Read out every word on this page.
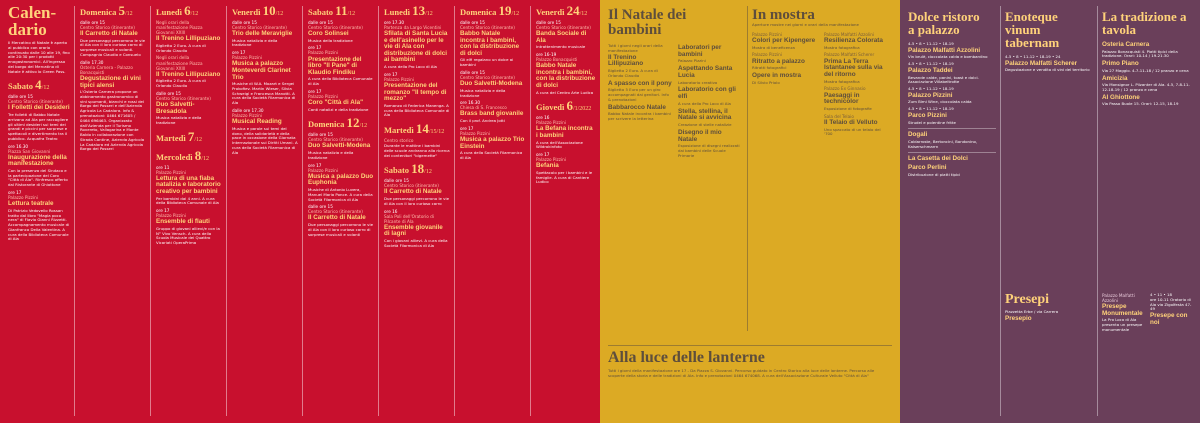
Calen-
dario
Il Mercatino di Natale è aperto al pubblico con orario continuato dalle 10 alle 19, fino alle 20:30 per i prodotti enogastronomici. All'ingresso del borgo del Mercatino di Natale è attivo lo Green Pass.
Sabato 4/12
dalle ore 15
Centro Storico (itinerante)
I Folletti dei Desideri
Tre folletti di Babbo Natale arrivano ad Ala per raccogliere gli ultimi desideri sui temi dei grandi e piccini per sorprese e spettacoli e divertimento tra il pubblico. Acquafra Teatro
ore 16.30
Piazza San Giovanni
Inaugurazione della manifestazione
Con la presenza del Sindaco e la partecipazione del Coro "Città di Ala". Rinfresco offerto dal Ristorante di Ghiottone
ore 17
Palazzo Pizzini
Lettura teatrale
Di Patrizio Vedovello Rossan tratto dal libro "Magia poco nera" di Flavio Gianni Rizzetti. Accompagnamento musicale di Gianfranco Della Valentina. A cura della Biblioteca Comunale di Ala
Domenica 5/12
dalle ore 15
Centro Storico (itinerante)
Il Carretto di Natale
Due personaggi percorrono le vie di Ala con il loro curioso carro di sorprese musicali e volanti. Compagnia Claudio e Consuelo
dalle 17.30
Osteria Carnera - Palazzo Bonacquisti
Degustazione di vini tipici alensi
L'Osteria Carnera propone un abbinamento gastronomico di vini spumanti, bianchi e rossi del Borgo dei Posseri e dell'Azienda Agricola La Cadalora. Info & prenotazioni: 0464 671605 / 0464 696463. Organizzato dall'Azienda per il Turismo Rovereto, Vallagarina e Monte Baldo in collaborazione con Strada Cantine, Azienda Agricola La Cadalora ed Azienda Agricola Borgo dei Posseri
Lunedì 6/12
Negli orari della manifestazione Piazza Giovanni XXIII
Il Trenino Lillipuziano
Biglietto 2 Euro. A cura di Orlando Claudio
Negli orari della manifestazione Piazza Giovanni XXIII
Il Trenino Lillipuziano
Biglietto 2 Euro. A cura di Orlando Claudio
dalle ore 15
Centro Storico (itinerante)
Duo Salvetti-Bresadola
Musica natalizia e della tradizione
Martedì 7/12
Mercoledì 8/12
ore 11
Palazzo Pizzini
Lettura di una fiaba natalizia e laboratorio creativo per bambini
Per bambini dai 4 anni. A cura della Biblioteca Comunale di Ala
ore 17
Palazzo Pizzini
Ensemble di flauti
Gruppo di giovani allievi/e con la N° Vivo Vensch. A cura della Scuola Musicale dei Quattro Vicariati OperaPrima
Venerdì 10/12
dalle ore 15
Centro Storico (itinerante)
Trio delle Meraviglie
Musica natalizia e della tradizione
ore 17
Palazzo Pizzini
Musica a palazzo Monteverdi Clarinet Trio
Musiche di W.A. Mozart e Sergei Prokofiev. Martin Wieser, Silvia Schweigl e Francesca Manotti. A cura della Società Filarmonica di Ala
dalle ore 17.30
Palazzo Pizzini
Musical Reading
Musica e parole sui temi del dono, della solidarietà e della pace in occasione della Giornata Internazionale sui Diritti Umani. A cura della Società Filarmonica di Ala
Sabato 11/12
dalle ore 15
Centro Storico (itinerante)
Coro Solinsei
Musica della tradizione
ore 17
Palazzo Pizzini
Presentazione del libro "Il Pane" di Klaudio Findiku
A cura della Biblioteca Comunale di Ala
ore 17
Palazzo Pizzini
Coro "Città di Ala"
Canti natalizi e della tradizione
Domenica 12/12
dalle ore 15
Centro Storico (itinerante)
Duo Salvetti-Modena
Musica natalizia e della tradizione
ore 17
Palazzo Pizzini
Musica a palazzo Duo Euphonia
Musiche di Antonio Luvera, Manuel Maria Ponce. A cura della Società Filarmonica di Ala
dalle ore 15
Centro Storico (itinerante)
Il Carretto di Natale
Due personaggi percorrono le vie di Ala con il loro curioso carro di sorprese musicali e volanti
Lunedì 13/12
ore 17.30
Partenza da Largo Vicentini
Sfilata di Santa Lucia e dell'asinello per le vie di Ala con distribuzione di dolci ai bambini
A cura della Pro Loco di Ala
ore 17
Palazzo Pizzini
Presentazione del romanzo "Il tempo di mezzo"
Romanzo di Federica Manenga. A cura della Biblioteca Comunale di Ala
Martedì 14/15/12
Centro storico
Durante le mattine i bambini delle scuole andranno alla ricerca dei contenitori "bigemette"
Sabato 18/12
dalle ore 15
Centro Storico (itinerante)
Il Carretto di Natale
Due personaggi percorrono le vie di Ala con il loro curioso carro
ore 16
Sala Poli dell'Oratorio di Pilcante di Ala
Ensemble giovanile di lagni
Con i giovani allievi. A cura della Società Filarmonica di Ala
Domenica 19/12
dalle ore 15
Centro Storico (itinerante)
Babbo Natale incontra i bambini, con la distribuzione di dolci
Gli elfi regalano un dolce ai bambini
dalle ore 15
Centro Storico (itinerante)
Duo Salvetti-Modena
Musica natalizia e della tradizione
ore 16.30
Chiesa di S. Francesco
Brass band giovanile
Con il prof. Andrea Jotti
ore 17
Palazzo Pizzini
Musica a palazzo Trio Einstein
A cura della Società Filarmonica di Ala
Venerdì 24/12
dalle ore 15
Centro Storico (itinerante)
Banda Sociale di Ala
Intrattenimento musicale
ore 16-19
Palazzo Bonacquisti
Babbo Natale incontra i bambini, con la distribuzione di dolci
A cura del Centro Arte Ludica
Giovedì 6/1/2022
ore 16
Palazzo Pizzini
La Befana incontra i bambini
A cura dell'Associazione Wildrokinfoto
ore 17
Palazzo Pizzini
Befania
Spettacolo per i bambini e le famiglie. A cura di Cantiere Ludico
Il Natale dei bambini
Tutti i giorni negli orari della manifestazione
Il Trenino Lillipuziano
Biglietto 2 Euro. A cura di Orlando Claudio
A spasso con il pony
Biglietto 5 Euro per un giro accompagnati dai genitori. Info & prenotazioni
Babbarocco Natale
Babbo Natale incontra i bambini per scrivere la letterina
Laboratori per bambini
Palazzo Pizzini
Aspettando Santa Lucia
Laboratorio creativo
Laboratorio con gli elfi
A cura della Pro Loco di Ala
Stella, stellina, il Natale si avvicina
Creazione di stelle natalizie
Disegno il mio Natale
Esposizione di disegni realizzati dai bambini delle Scuole Primarie
In mostra
Aperture mostre nei giorni e orari della manifestazione
Palazzo Pizzini
Colori per Kipengere
Mostra di beneficenza
Palazzo Pizzini
Ritratto a palazzo
Ritratti fotografici
Opere in mostra
Di Silvio Priolo
Palazzo Malfatti Azzolini
Resilienza Colorata
Mostra fotografica
Palazzo Malfatti Scherer
Prima La Terra Istantanee sulla via del ritorno
Mostra fotografica
Palazzo Ex Ginnasio
Paesaggi in technicolor
Esposizione di fotografie
Sala del Telaio
Il Telaio di Velluto
Uno spaccato di un telaio del '700
Alla luce delle lanterne
Tutti i giorni della manifestazione ore 17 - Da Piazza S. Giovanni. Percorso guidato in Centro Storico alla luce delle lanterne. Percorso alle scoperte della storia e delle tradizioni di Ala. Info e prenotazioni 0464 674068. A cura dell'Associazione Culturale Velluto "Città di Ala"
Dolce ristoro a palazzo
4-5 • 8 • 11-12 • 18-19
Palazzo Malfatti Azzolini
Vin brulè, cioccolata calda e bombardino
4-5 • 8 • 11-12 • 18-19
Palazzo Taddei
Bevande calde, panini, toast e dolci. Associazione Villabeltrotte
4-5 • 8 • 11-12 • 18-19
Palazzo Pizzini
Zum Bimi Wine, cioccolata calda
4-5 • 8 • 11-12 • 18-19
Parco Pizzini
Strudel e polentine fritte
Dogali
Caldarroste, Bertoncini, Bondonino, Kaiserschmarrn
La Casetta dei Dolci
Parco Perlini
Distribuzione di piatti tipici
Enoteque vinum tabernam
4-5 • 8 • 11-12 • 18-19 • 24
Palazzo Malfatti Scherer
Degustazione e vendita di vini del territorio
Presepi
Piazzetta Erbe / via Carrera
Presepio
La tradizione a tavola
Osteria Carnera
Palazzo Bonacquisti 4. Piatti tipici della tradizione. Orari: 10-14 / 19-21.30
Primo Piano
Via 27 Maggio. 4-7-11-18 / 12 pranzo e cena
Amicizia
Via Monsignor L. Pilzanter di Ala. 4-5, 7-8-11-12-18-19 / 12 pranzo e cena
Al Ghiottone
Via Passo Buole 15. Orari: 12-15, 18-19
Palazzo Malfatti Azzolini
Presepe Monumentale
La Pro Loco di Ala presenta un presepe monumentale
4 • 11 • 18
ore 10-11 Oratorio di Ala via Zigolfesta 47-49
Presepe con noi
